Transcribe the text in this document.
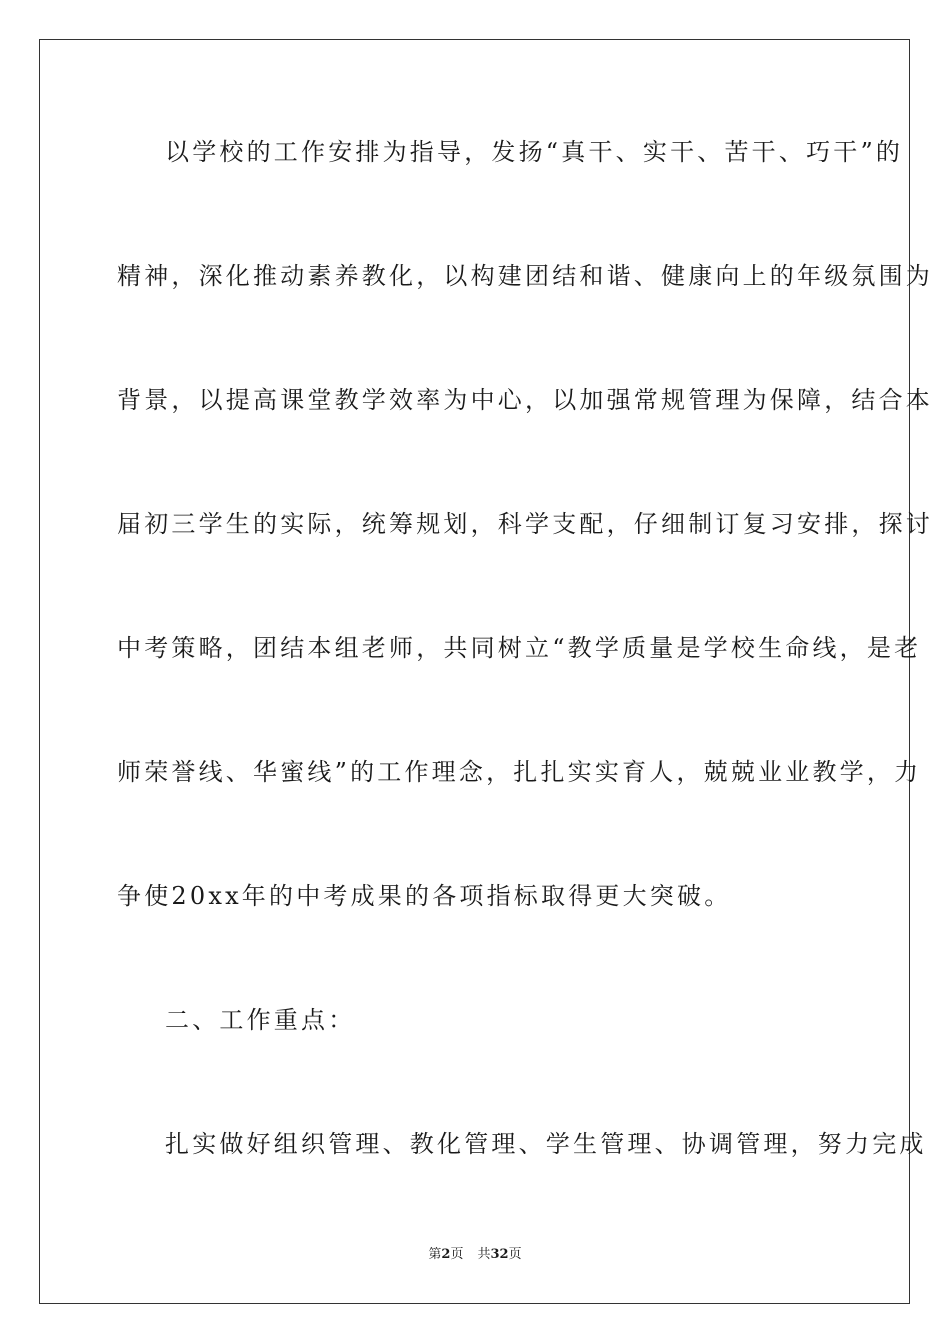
以学校的工作安排为指导，发扬“真干、实干、苦干、巧干”的
精神，深化推动素养教化，以构建团结和谐、健康向上的年级氛围为
背景，以提高课堂教学效率为中心，以加强常规管理为保障，结合本
届初三学生的实际，统筹规划，科学支配，仔细制订复习安排，探讨
中考策略，团结本组老师，共同树立“教学质量是学校生命线，是老
师荣誉线、华蜜线”的工作理念，扎扎实实育人，兢兢业业教学，力
争使20xx年的中考成果的各项指标取得更大突破。
二、工作重点：
扎实做好组织管理、教化管理、学生管理、协调管理，努力完成
第2页 共32页
